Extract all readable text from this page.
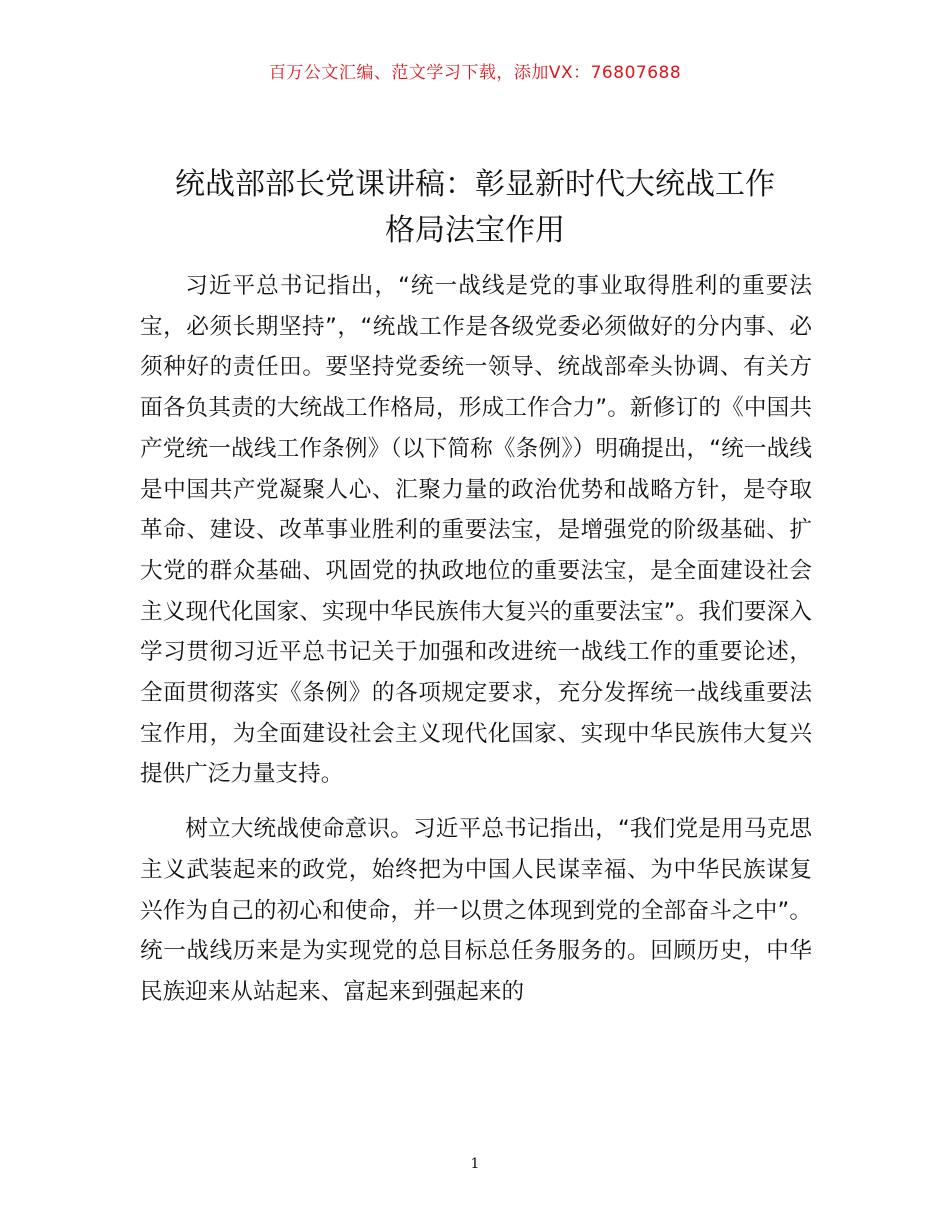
百万公文汇编、范文学习下载，添加VX：76807688
统战部部长党课讲稿：彰显新时代大统战工作
格局法宝作用

习近平总书记指出，“统一战线是党的事业取得胜利的重要法宝，必须长期坚持”，“统战工作是各级党委必须做好的分内事、必须种好的责任田。要坚持党委统一领导、统战部牵头协调、有关方面各负其责的大统战工作格局，形成工作合力”。新修订的《中国共产党统一战线工作条例》（以下简称《条例》）明确提出，“统一战线是中国共产党凝聚人心、汇聚力量的政治优势和战略方针，是夺取革命、建设、改革事业胜利的重要法宝，是增强党的阶级基础、扩大党的群众基础、巩固党的执政地位的重要法宝，是全面建设社会主义现代化国家、实现中华民族伟大复兴的重要法宝”。我们要深入学习贯彻习近平总书记关于加强和改进统一战线工作的重要论述，全面贯彻落实《条例》的各项规定要求，充分发挥统一战线重要法宝作用，为全面建设社会主义现代化国家、实现中华民族伟大复兴提供广泛力量支持。

树立大统战使命意识。习近平总书记指出，“我们党是用马克思主义武装起来的政党，始终把为中国人民谋幸福、为中华民族谋复兴作为自己的初心和使命，并一以贯之体现到党的全部奋斗之中”。统一战线历来是为实现党的总目标总任务服务的。回顾历史，中华民族迎来从站起来、富起来到强起来的

1
